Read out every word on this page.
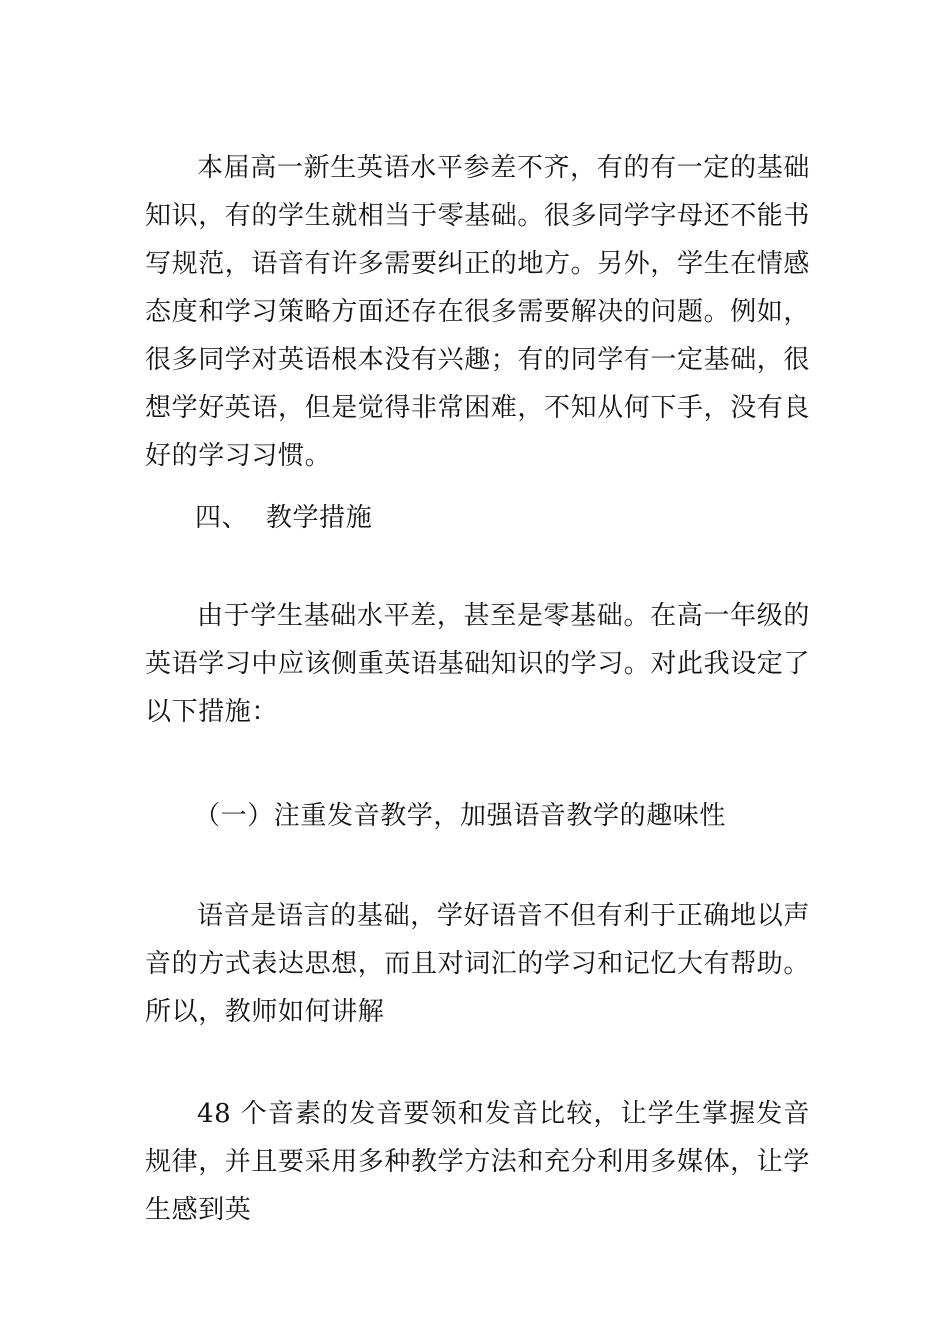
本届高一新生英语水平参差不齐，有的有一定的基础知识，有的学生就相当于零基础。很多同学字母还不能书写规范，语音有许多需要纠正的地方。另外，学生在情感态度和学习策略方面还存在很多需要解决的问题。例如，很多同学对英语根本没有兴趣；有的同学有一定基础，很想学好英语，但是觉得非常困难，不知从何下手，没有良好的学习习惯。

四、  教学措施

由于学生基础水平差，甚至是零基础。在高一年级的英语学习中应该侧重英语基础知识的学习。对此我设定了以下措施：

（一）注重发音教学，加强语音教学的趣味性

语音是语言的基础，学好语音不但有利于正确地以声音的方式表达思想，而且对词汇的学习和记忆大有帮助。所以，教师如何讲解

48 个音素的发音要领和发音比较，让学生掌握发音规律，并且要采用多种教学方法和充分利用多媒体，让学生感到英
